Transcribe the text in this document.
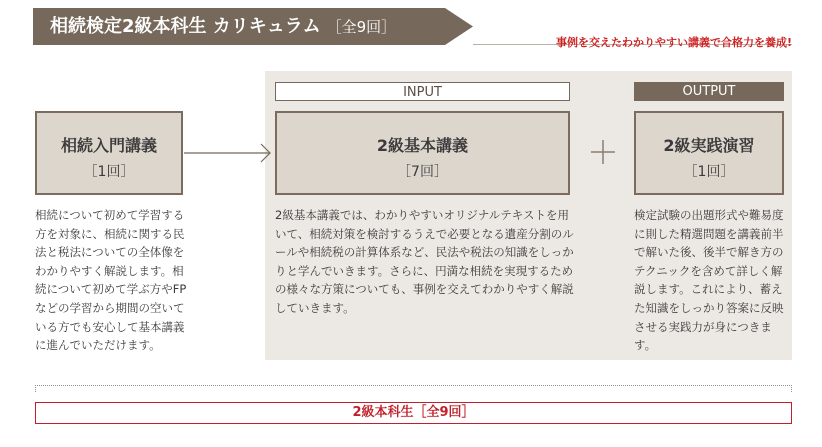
相続検定2級本科生 カリキュラム ［全9回］
事例を交えたわかりやすい講義で合格力を養成!
INPUT	OUTPUT
相続入門講義
［1回］
2級基本講義
［7回］
2級実践演習
［1回］
相続について初めて学習する方を対象に、相続に関する民法と税法についての全体像をわかりやすく解説します。相続について初めて学ぶ方やFPなどの学習から期間の空いている方でも安心して基本講義に進んでいただけます。
2級基本講義では、わかりやすいオリジナルテキストを用いて、相続対策を検討するうえで必要となる遺産分割のルールや相続税の計算体系など、民法や税法の知識をしっかりと学んでいきます。さらに、円満な相続を実現するための様々な方策についても、事例を交えてわかりやすく解説していきます。
検定試験の出題形式や難易度に則した精選問題を講義前半で解いた後、後半で解き方のテクニックを含めて詳しく解説します。これにより、蓄えた知識をしっかり答案に反映させる実践力が身につきます。
2級本科生［全9回］
